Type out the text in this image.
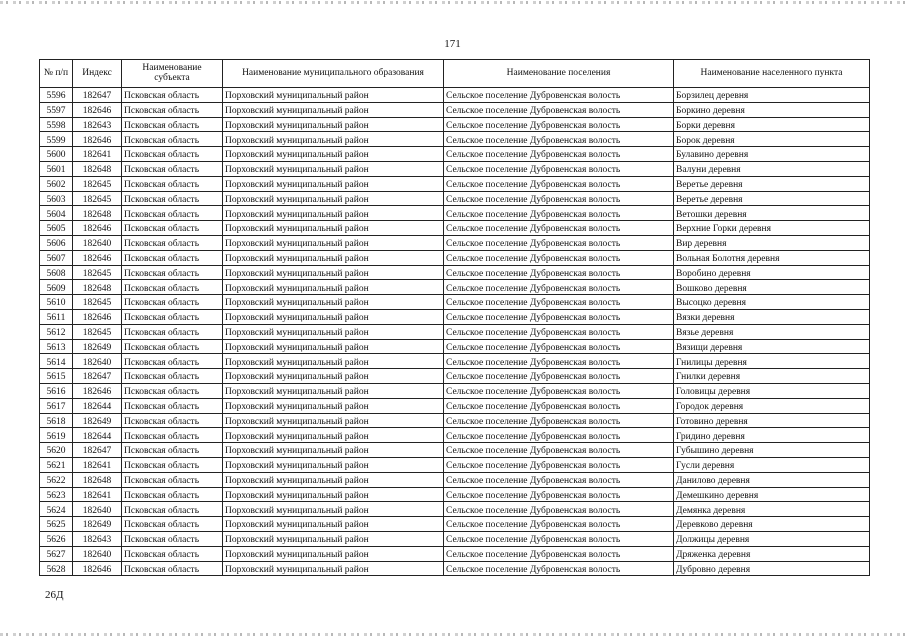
171
№ п/п	Индекс	Наименование субъекта	Наименование муниципального образования	Наименование поселения	Наименование населенного пункта
5596	182647	Псковская область	Порховский муниципальный район	Сельское поселение Дубровенская волость	Борзилец деревня
5597	182646	Псковская область	Порховский муниципальный район	Сельское поселение Дубровенская волость	Боркино деревня
5598	182643	Псковская область	Порховский муниципальный район	Сельское поселение Дубровенская волость	Борки деревня
5599	182646	Псковская область	Порховский муниципальный район	Сельское поселение Дубровенская волость	Борок деревня
5600	182641	Псковская область	Порховский муниципальный район	Сельское поселение Дубровенская волость	Булавино деревня
5601	182648	Псковская область	Порховский муниципальный район	Сельское поселение Дубровенская волость	Валуни деревня
5602	182645	Псковская область	Порховский муниципальный район	Сельское поселение Дубровенская волость	Веретье деревня
5603	182645	Псковская область	Порховский муниципальный район	Сельское поселение Дубровенская волость	Веретье деревня
5604	182648	Псковская область	Порховский муниципальный район	Сельское поселение Дубровенская волость	Ветошки деревня
5605	182646	Псковская область	Порховский муниципальный район	Сельское поселение Дубровенская волость	Верхние Горки деревня
5606	182640	Псковская область	Порховский муниципальный район	Сельское поселение Дубровенская волость	Вир деревня
5607	182646	Псковская область	Порховский муниципальный район	Сельское поселение Дубровенская волость	Вольная Болотня деревня
5608	182645	Псковская область	Порховский муниципальный район	Сельское поселение Дубровенская волость	Воробино деревня
5609	182648	Псковская область	Порховский муниципальный район	Сельское поселение Дубровенская волость	Вошково деревня
5610	182645	Псковская область	Порховский муниципальный район	Сельское поселение Дубровенская волость	Высоцко деревня
5611	182646	Псковская область	Порховский муниципальный район	Сельское поселение Дубровенская волость	Вязки деревня
5612	182645	Псковская область	Порховский муниципальный район	Сельское поселение Дубровенская волость	Вязье деревня
5613	182649	Псковская область	Порховский муниципальный район	Сельское поселение Дубровенская волость	Вязищи деревня
5614	182640	Псковская область	Порховский муниципальный район	Сельское поселение Дубровенская волость	Гнилицы деревня
5615	182647	Псковская область	Порховский муниципальный район	Сельское поселение Дубровенская волость	Гнилки деревня
5616	182646	Псковская область	Порховский муниципальный район	Сельское поселение Дубровенская волость	Головицы деревня
5617	182644	Псковская область	Порховский муниципальный район	Сельское поселение Дубровенская волость	Городок деревня
5618	182649	Псковская область	Порховский муниципальный район	Сельское поселение Дубровенская волость	Готовино деревня
5619	182644	Псковская область	Порховский муниципальный район	Сельское поселение Дубровенская волость	Гридино деревня
5620	182647	Псковская область	Порховский муниципальный район	Сельское поселение Дубровенская волость	Губышино деревня
5621	182641	Псковская область	Порховский муниципальный район	Сельское поселение Дубровенская волость	Гусли деревня
5622	182648	Псковская область	Порховский муниципальный район	Сельское поселение Дубровенская волость	Данилово деревня
5623	182641	Псковская область	Порховский муниципальный район	Сельское поселение Дубровенская волость	Демешкино деревня
5624	182640	Псковская область	Порховский муниципальный район	Сельское поселение Дубровенская волость	Демянка деревня
5625	182649	Псковская область	Порховский муниципальный район	Сельское поселение Дубровенская волость	Деревково деревня
5626	182643	Псковская область	Порховский муниципальный район	Сельское поселение Дубровенская волость	Должицы деревня
5627	182640	Псковская область	Порховский муниципальный район	Сельское поселение Дубровенская волость	Дряженка деревня
5628	182646	Псковская область	Порховский муниципальный район	Сельское поселение Дубровенская волость	Дубровно деревня
26Д
